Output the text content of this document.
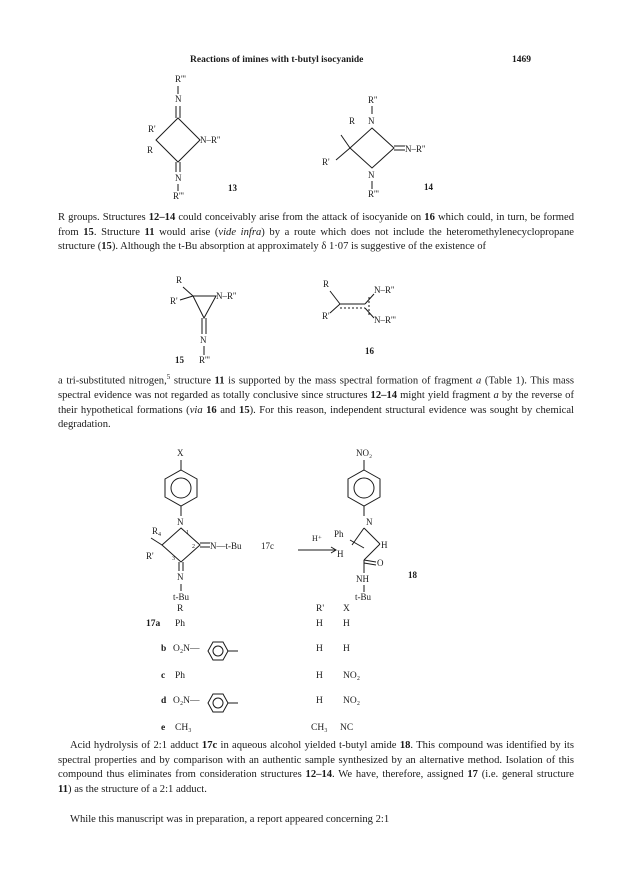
Reactions of imines with t-butyl isocyanide	1469
R'''
N
R'
R
N–R''
N
R'''
13
R''
N
R
N–R''
R'
N
R'''
14
R
R'	N–R''
N
R'''
15
R
R'
N–R''
N–R'''
16
X
N
$R_4$	1
2
3
R'
N—t-Bu
N
t-Bu
17c
H⁺
NO₂
N
Ph
H
H
O
NH
t-Bu
18
R	R' X
17a Ph	H H
b O₂N—	H H
c Ph	H NO₂
d O₂N—	H NO₂
e CH₃	CH₃ NC

R groups. Structures 12–14 could conceivably arise from the attack of isocyanide on 16 which could, in turn, be formed from 15. Structure 11 would arise (vide infra) by a route which does not include the heteromethylenecyclopropane structure (15). Although the t-Bu absorption at approximately δ 1·07 is suggestive of the existence of

a tri-substituted nitrogen,$^5$ structure 11 is supported by the mass spectral formation of fragment a (Table 1). This mass spectral evidence was not regarded as totally conclusive since structures 12–14 might yield fragment a by the reverse of their hypothetical formations (via 16 and 15). For this reason, independent structural evidence was sought by chemical degradation.

Acid hydrolysis of 2:1 adduct 17c in aqueous alcohol yielded t-butyl amide 18. This compound was identified by its spectral properties and by comparison with an authentic sample synthesized by an alternative method. Isolation of this compound thus eliminates from consideration structures 12–14. We have, therefore, assigned 17 (i.e. general structure 11) as the structure of a 2:1 adduct.

While this manuscript was in preparation, a report appeared concerning 2:1
